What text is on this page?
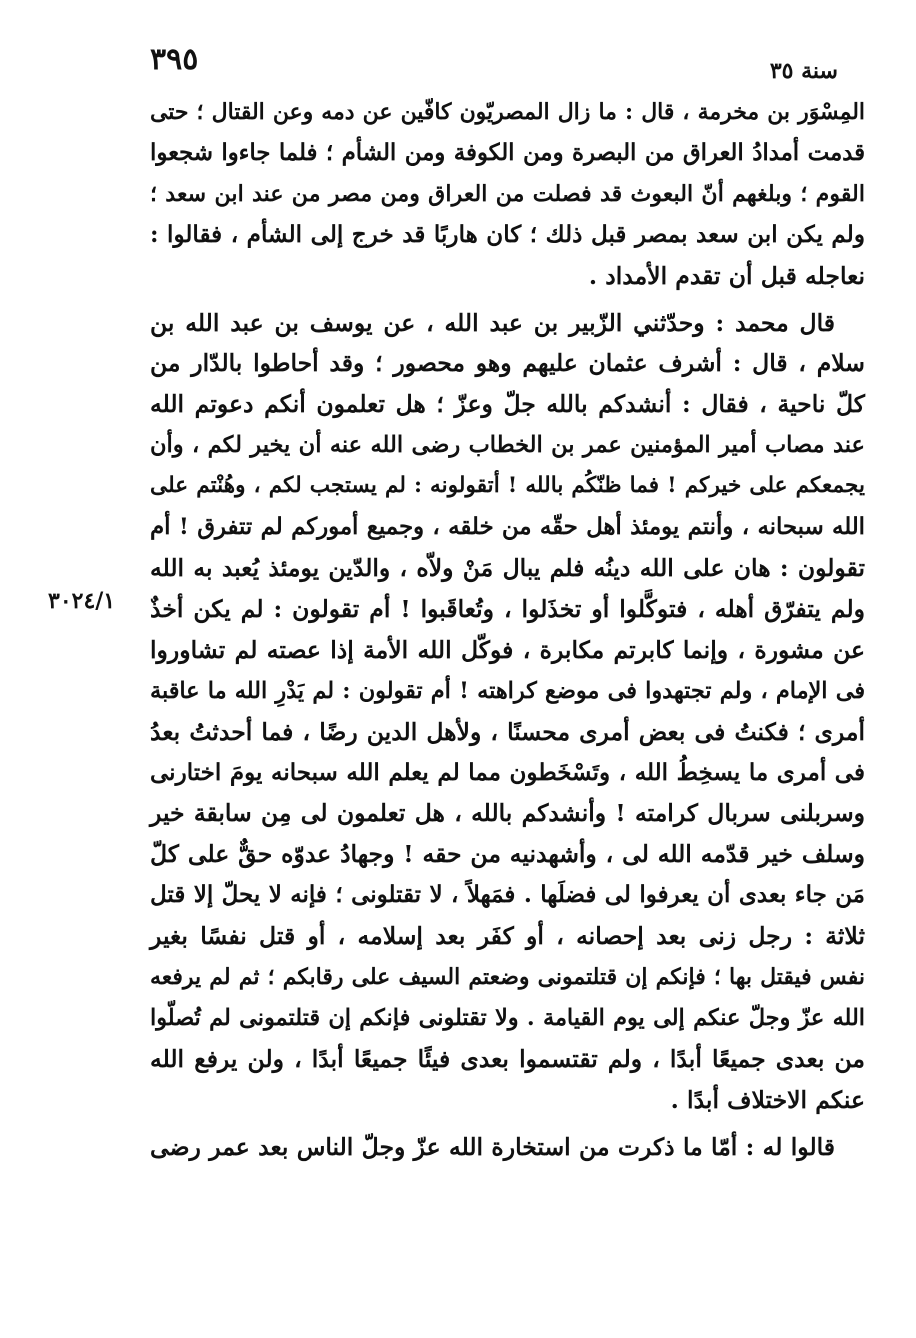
٣٩٥	سنة ٣٥
٣٠٢٤/١

المِسْوَر بن مخرمة ، قال : ما زال المصريّون كافّين عن دمه وعن القتال ؛ حتى
قدمت أمدادُ العراق من البصرة ومن الكوفة ومن الشأم ؛ فلما جاءوا شجعوا
القوم ؛ وبلغهم أنّ البعوث قد فصلت من العراق ومن مصر من عند ابن سعد ؛
ولم يكن ابن سعد بمصر قبل ذلك ؛ كان هاربًا قد خرج إلى الشأم ، فقالوا :
نعاجله قبل أن تقدم الأمداد .

قال محمد : وحدّثني الزّبير بن عبد الله ، عن يوسف بن عبد الله بن
سلام ، قال : أشرف عثمان عليهم وهو محصور ؛ وقد أحاطوا بالدّار من
كلّ ناحية ، فقال : أنشدكم بالله جلّ وعزّ ؛ هل تعلمون أنكم دعوتم الله
عند مصاب أمير المؤمنين عمر بن الخطاب رضى الله عنه أن يخير لكم ، وأن
يجمعكم على خيركم ! فما ظنّكُم بالله ! أتقولونه : لم يستجب لكم ، وهُنْتم على
الله سبحانه ، وأنتم يومئذ أهل حقّه من خلقه ، وجميع أموركم لم تتفرق ! أم
تقولون : هان على الله دينُه فلم يبال مَنْ ولاّه ، والدّين يومئذ يُعبد به الله
ولم يتفرّق أهله ، فتوكَّلوا أو تخذَلوا ، وتُعاقَبوا ! أم تقولون : لم يكن أخذٌ
عن مشورة ، وإنما كابرتم مكابرة ، فوكّل الله الأمة إذا عصته لم تشاوروا
فى الإمام ، ولم تجتهدوا فى موضع كراهته ! أم تقولون : لم يَدْرِ الله ما عاقبة
أمرى ؛ فكنتُ فى بعض أمرى محسنًا ، ولأهل الدين رضًا ، فما أحدثتُ بعدُ
فى أمرى ما يسخِطُ الله ، وتَسْخَطون مما لم يعلم الله سبحانه يومَ اختارنى
وسربلنى سربال كرامته ! وأنشدكم بالله ، هل تعلمون لى مِن سابقة خير
وسلف خير قدّمه الله لى ، وأشهدنيه من حقه ! وجهادُ عدوّه حقٌّ على كلّ
مَن جاء بعدى أن يعرفوا لى فضلَها . فمَهلاً ، لا تقتلونى ؛ فإنه لا يحلّ إلا قتل
ثلاثة : رجل زنى بعد إحصانه ، أو كفَر بعد إسلامه ، أو قتل نفسًا بغير
نفس فيقتل بها ؛ فإنكم إن قتلتمونى وضعتم السيف على رقابكم ؛ ثم لم يرفعه
الله عزّ وجلّ عنكم إلى يوم القيامة . ولا تقتلونى فإنكم إن قتلتمونى لم تُصلّوا
من بعدى جميعًا أبدًا ، ولم تقتسموا بعدى فيئًا جميعًا أبدًا ، ولن يرفع الله
عنكم الاختلاف أبدًا .

قالوا له : أمّا ما ذكرت من استخارة الله عزّ وجلّ الناس بعد عمر رضى
